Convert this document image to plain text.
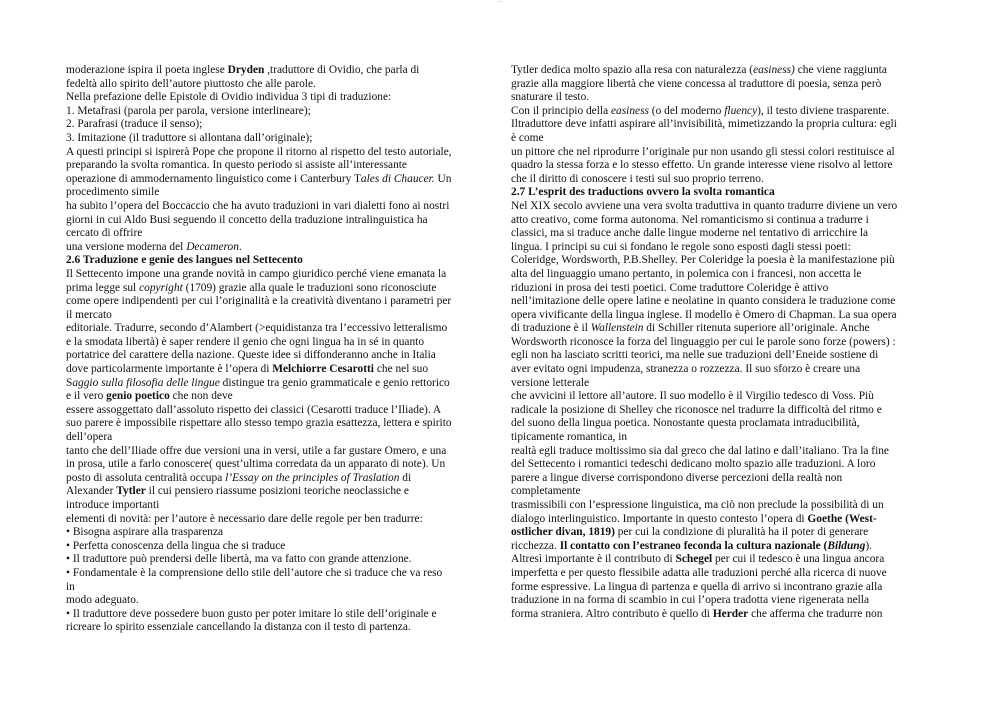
—

moderazione ispira il poeta inglese Dryden ,traduttore di Ovidio, che parla di

fedeltà allo spirito dell’autore piuttosto che alle parole.

Nella prefazione delle Epistole di Ovidio individua 3 tipi di traduzione:

1. Metafrasi (parola per parola, versione interlineare);

2. Parafrasi (traduce il senso);

3. Imitazione (il traduttore si allontana dall’originale);

A questi principi si ispirerà Pope che propone il ritorno al rispetto del testo autoriale,

preparando la svolta romantica. In questo periodo si assiste all’interessante

operazione di ammodernamento linguistico come i Canterbury Tales di Chaucer. Un

procedimento simile

ha subito l’opera del Boccaccio che ha avuto traduzioni in vari dialetti fono ai nostri

giorni in cui Aldo Busi seguendo il concetto della traduzione intralinguistica ha

cercato di offrire

una versione moderna del Decameron.

2.6 Traduzione e genie des langues nel Settecento

Il Settecento impone una grande novità in campo giuridico perché viene emanata la

prima legge sul copyright (1709) grazie alla quale le traduzioni sono riconosciute

come opere indipendenti per cui l’originalità e la creatività diventano i parametri per

il mercato

editoriale. Tradurre, secondo d’Alambert (>equidistanza tra l’eccessivo letteralismo

e la smodata libertà) è saper rendere il genio che ogni lingua ha in sé in quanto

portatrice del carattere della nazione. Queste idee si diffonderanno anche in Italia

dove particolarmente importante è l’opera di Melchiorre Cesarotti che nel suo

Saggio sulla filosofia delle lingue distingue tra genio grammaticale e genio rettorico

e il vero genio poetico che non deve

essere assoggettato dall’assoluto rispetto dei classici (Cesarotti traduce l’Iliade). A

suo parere è impossibile rispettare allo stesso tempo grazia esattezza, lettera e spirito

dell’opera

tanto che dell’Iliade offre due versioni una in versi, utile a far gustare Omero, e una

in prosa, utile a farlo conoscere( quest’ultima corredata da un apparato di note). Un

posto di assoluta centralità occupa l’Essay on the principles of Traslation di

Alexander Tytler il cui pensiero riassume posizioni teoriche neoclassiche e

introduce importanti

elementi di novità: per l’autore è necessario dare delle regole per ben tradurre:

• Bisogna aspirare alla trasparenza

• Perfetta conoscenza della lingua che si traduce

• Il traduttore può prendersi delle libertà, ma va fatto con grande attenzione.

• Fondamentale è la comprensione dello stile dell’autore che si traduce che va reso

in

modo adeguato.

• Il traduttore deve possedere buon gusto per poter imitare lo stile dell’originale e

ricreare lo spirito essenziale cancellando la distanza con il testo di partenza.

Tytler dedica molto spazio alla resa con naturalezza (easiness) che viene raggiunta

grazie alla maggiore libertà che viene concessa al traduttore di poesia, senza però

snaturare il testo.

Con il principio della easiness (o del moderno fluency), il testo diviene trasparente.

Iltraduttore deve infatti aspirare all’invisibilità, mimetizzando la propria cultura: egli

è come

un pittore che nel riprodurre l’originale pur non usando gli stessi colori restituisce al

quadro la stessa forza e lo stesso effetto. Un grande interesse viene risolvo al lettore

che il diritto di conoscere i testi sul suo proprio terreno.

2.7 L’esprit des traductions ovvero la svolta romantica

Nel XIX secolo avviene una vera svolta traduttiva in quanto tradurre diviene un vero

atto creativo, come forma autonoma. Nel romanticismo si continua a tradurre i

classici, ma si traduce anche dalle lingue moderne nel tentativo di arricchire la

lingua. I principi su cui si fondano le regole sono esposti dagli stessi poeti:

Coleridge, Wordsworth, P.B.Shelley. Per Coleridge la poesia è la manifestazione più

alta del linguaggio umano pertanto, in polemica con i francesi, non accetta le

riduzioni in prosa dei testi poetici. Come traduttore Coleridge è attivo

nell’imitazione delle opere latine e neolatine in quanto considera le traduzione come

opera vivificante della lingua inglese. Il modello è Omero di Chapman. La sua opera

di traduzione è il Wallenstein di Schiller ritenuta superiore all’originale. Anche

Wordsworth riconosce la forza del linguaggio per cui le parole sono forze (powers) :

egli non ha lasciato scritti teorici, ma nelle sue traduzioni dell’Eneide sostiene di

aver evitato ogni impudenza, stranezza o rozzezza. Il suo sforzo è creare una

versione letterale

che avvicini il lettore all’autore. Il suo modello è il Virgilio tedesco di Voss. Più

radicale la posizione di Shelley che riconosce nel tradurre la difficoltà del ritmo e

del suono della lingua poetica. Nonostante questa proclamata intraducibilità,

tipicamente romantica, in

realtà egli traduce moltissimo sia dal greco che dal latino e dall’italiano. Tra la fine

del Settecento i romantici tedeschi dedicano molto spazio alle traduzioni. A loro

parere a lingue diverse corrispondono diverse percezioni della realtà non

completamente

trasmissibili con l’espressione linguistica, ma ciò non preclude la possibilità di un

dialogo interlinguistico. Importante in questo contesto l’opera di Goethe (West-

ostlicher divan, 1819) per cui la condizione di pluralità ha il poter di generare

ricchezza. Il contatto con l’estraneo feconda la cultura nazionale (Bildung).

Altresì importante è il contributo di Schegel per cui il tedesco è una lingua ancora

imperfetta e per questo flessibile adatta alle traduzioni perché alla ricerca di nuove

forme espressive. La lingua di partenza e quella di arrivo si incontrano grazie alla

traduzione in na forma di scambio in cui l’opera tradotta viene rigenerata nella

forma straniera. Altro contributo è quello di Herder che afferma che tradurre non
